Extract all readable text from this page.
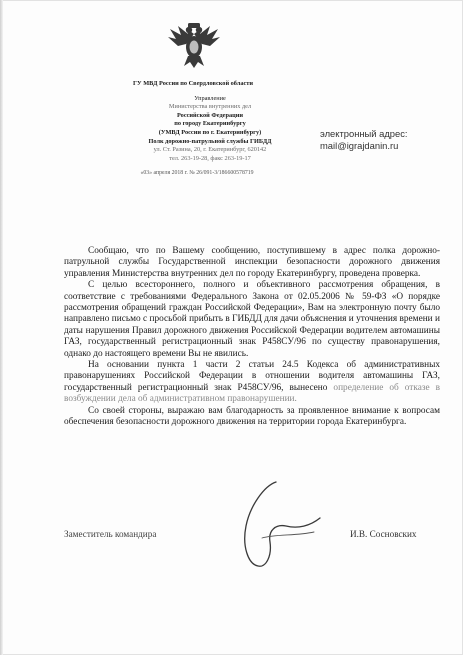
ГУ МВД России по Свердловской области
Управление
Министерства внутренних дел
Российской Федерации
по городу Екатеринбургу
(УМВД России по г. Екатеринбургу)
Полк дорожно-патрульной службы ГИБДД
ул. Ст. Разина, 20, г. Екатеринбург, 620142
тел. 263-19-28, факс 263-19-17
«03» апреля 2018 г. № 26/091-3/186600578719
электронный адрес:
mail@igrajdanin.ru

Сообщаю, что по Вашему сообщению, поступившему в адрес полка дорожно-патрульной службы Государственной инспекции безопасности дорожного движения управления Министерства внутренних дел по городу Екатеринбургу, проведена проверка.

С целью всестороннего, полного и объективного рассмотрения обращения, в соответствие с требованиями Федерального Закона от 02.05.2006 № 59-ФЗ «О порядке рассмотрения обращений граждан Российской Федерации», Вам на электронную почту было направлено письмо с просьбой прибыть в ГИБДД для дачи объяснения и уточнения времени и даты нарушения Правил дорожного движения Российской Федерации водителем автомашины ГАЗ, государственный регистрационный знак Р458СУ/96 по существу правонарушения, однако до настоящего времени Вы не явились.

На основании пункта 1 части 2 статьи 24.5 Кодекса об административных правонарушениях Российской Федерации в отношении водителя автомашины ГАЗ, государственный регистрационный знак Р458СУ/96, вынесено определение об отказе в возбуждении дела об административном правонарушении.

Со своей стороны, выражаю вам благодарность за проявленное внимание к вопросам обеспечения безопасности дорожного движения на территории города Екатеринбурга.

Заместитель командира	И.В. Сосновских
